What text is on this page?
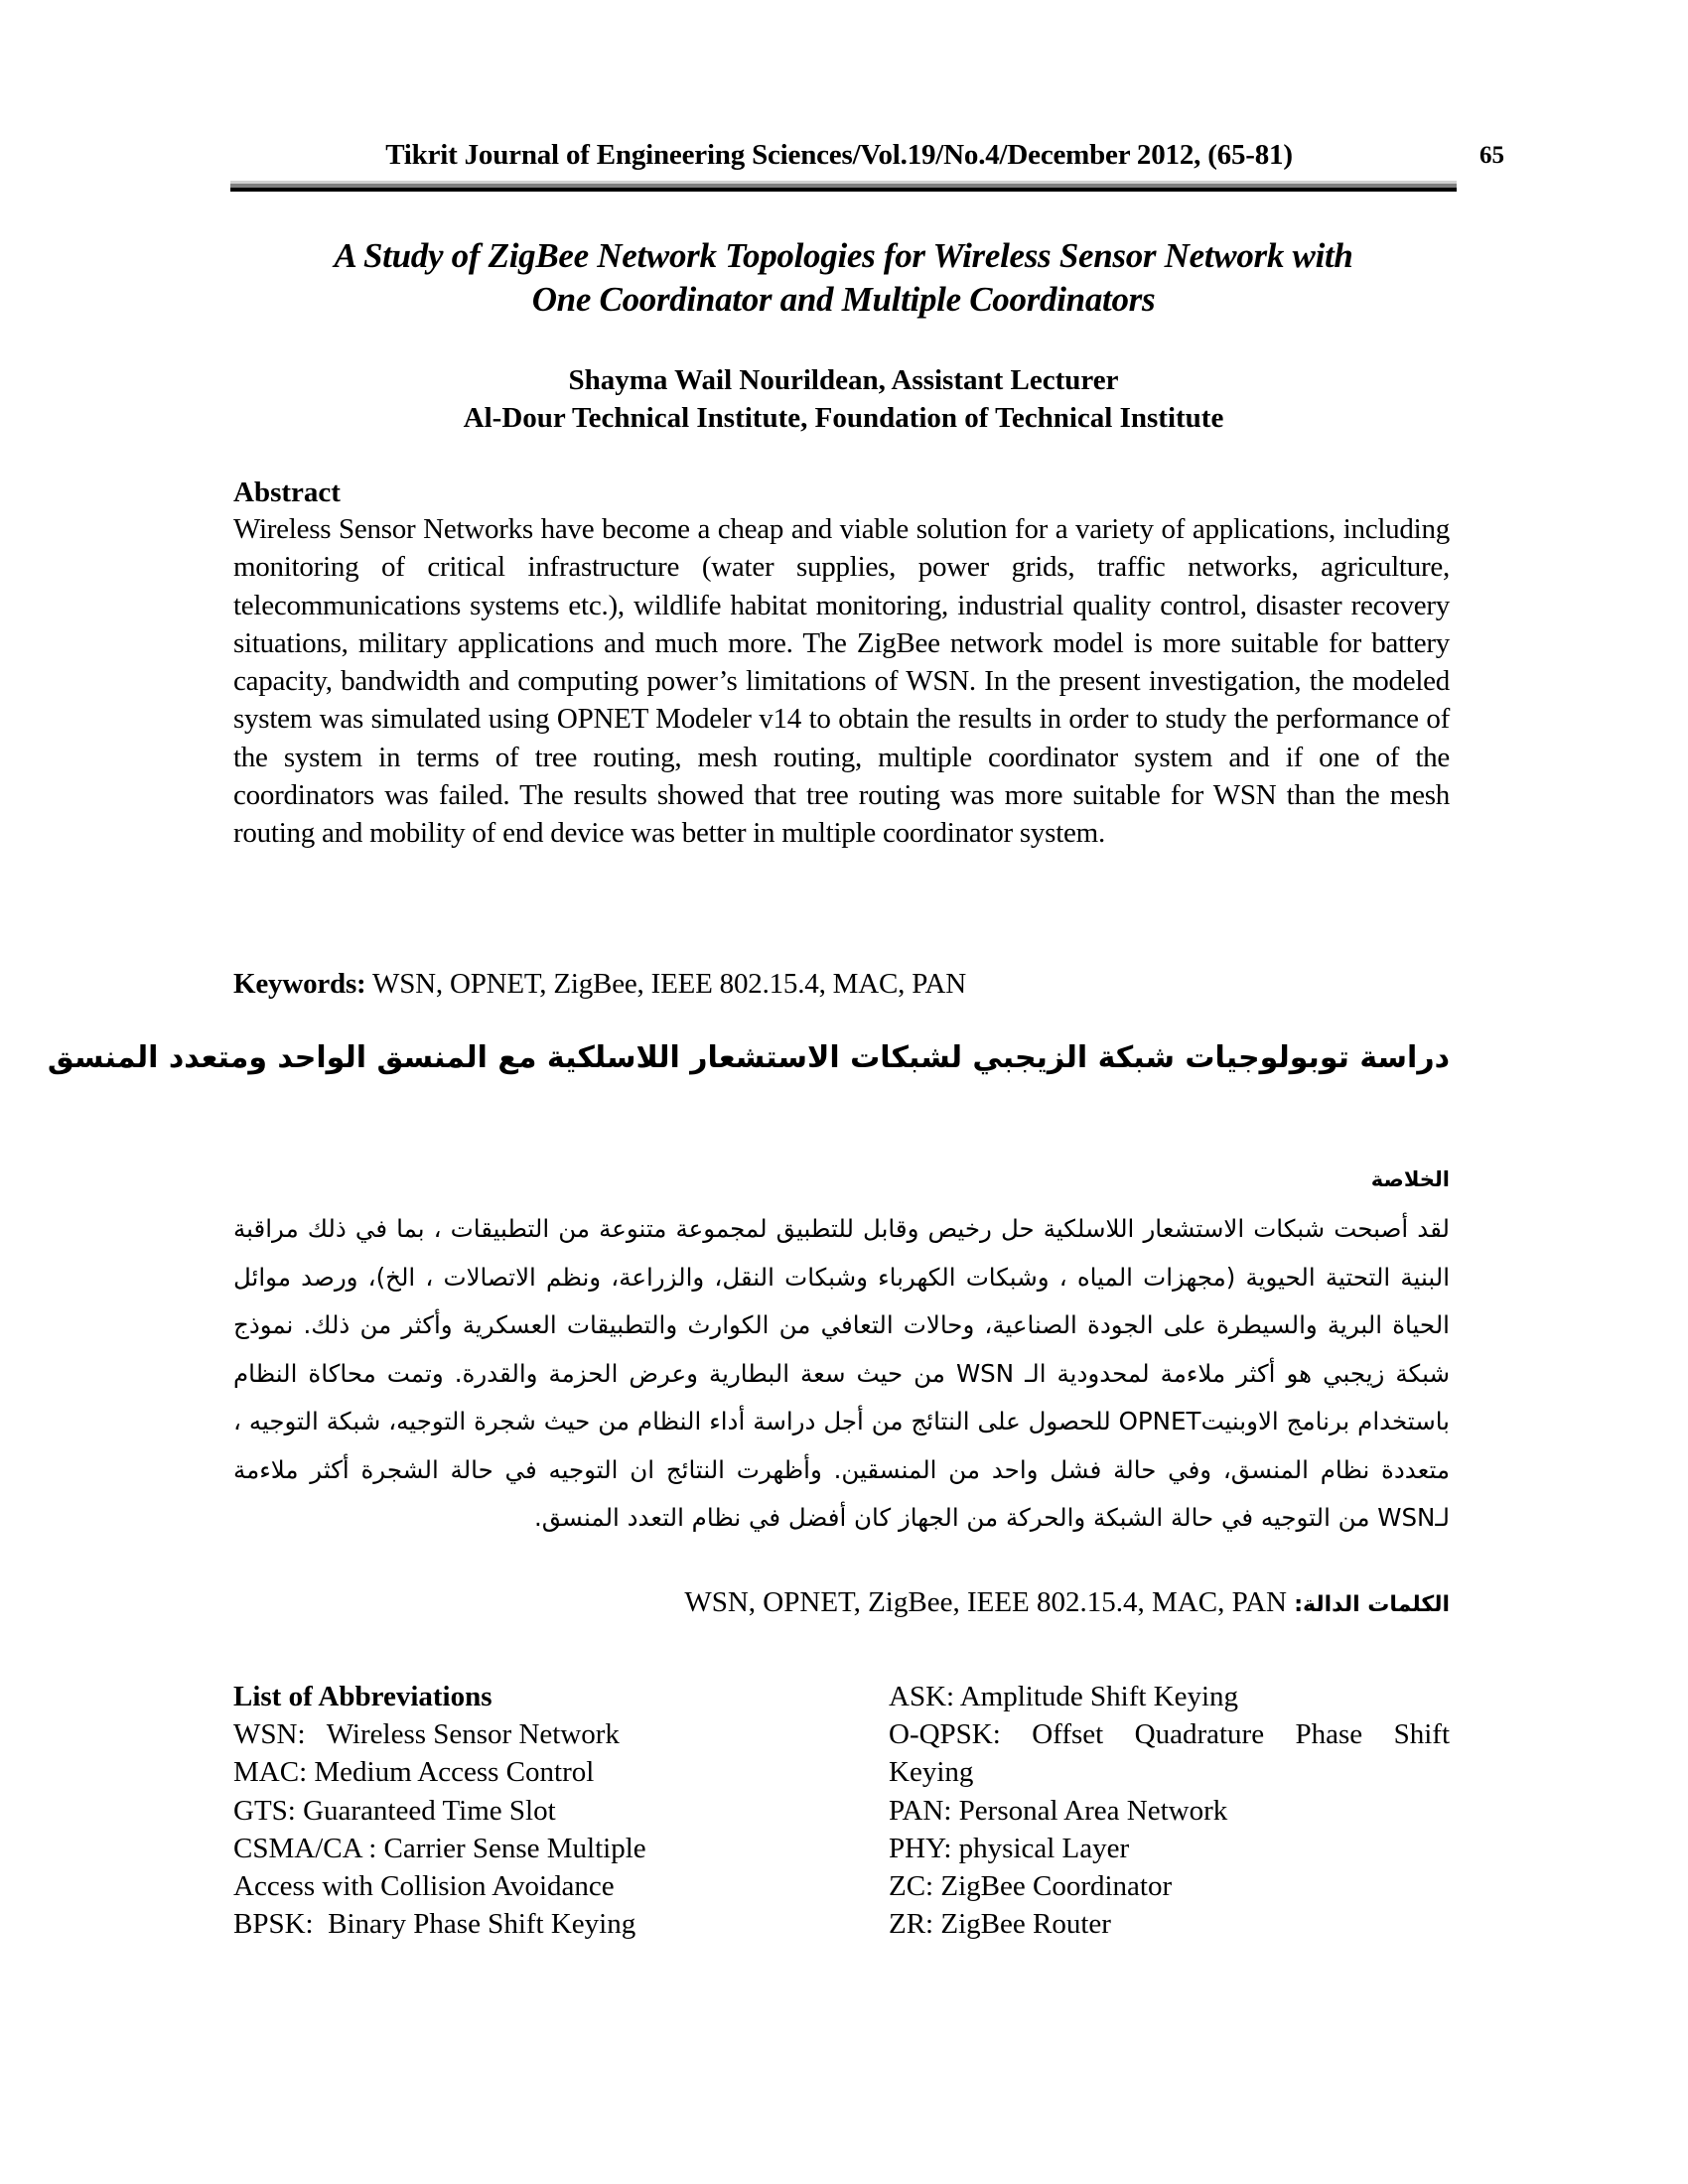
Tikrit Journal of Engineering Sciences/Vol.19/No.4/December 2012, (65-81)	65
A Study of ZigBee Network Topologies for Wireless Sensor Network with
One Coordinator and Multiple Coordinators
Shayma Wail Nourildean, Assistant Lecturer
Al-Dour Technical Institute, Foundation of Technical Institute
Abstract
Wireless Sensor Networks have become a cheap and viable solution for a variety of applications, including monitoring of critical infrastructure (water supplies, power grids, traffic networks, agriculture, telecommunications systems etc.), wildlife habitat monitoring, industrial quality control, disaster recovery situations, military applications and much more. The ZigBee network model is more suitable for battery capacity, bandwidth and computing power’s limitations of WSN. In the present investigation, the modeled system was simulated using OPNET Modeler v14 to obtain the results in order to study the performance of the system in terms of tree routing, mesh routing, multiple coordinator system and if one of the coordinators was failed. The results showed that tree routing was more suitable for WSN than the mesh routing and mobility of end device was better in multiple coordinator system.
Keywords: WSN, OPNET, ZigBee, IEEE 802.15.4, MAC, PAN
دراسة توبولوجيات شبكة الزيجبي لشبكات الاستشعار اللاسلكية مع المنسق الواحد ومتعدد المنسق
الخلاصة
لقد أصبحت شبكات الاستشعار اللاسلكية حل رخيص وقابل للتطبيق لمجموعة متنوعة من التطبيقات ، بما في ذلك مراقبة البنية التحتية الحيوية (مجهزات المياه ، وشبكات الكهرباء وشبكات النقل، والزراعة، ونظم الاتصالات ، الخ)، ورصد موائل الحياة البرية والسيطرة على الجودة الصناعية، وحالات التعافي من الكوارث والتطبيقات العسكرية وأكثر من ذلك. نموذج شبكة زيجبي هو أكثر ملاءمة لمحدودية الـ WSN من حيث سعة البطارية وعرض الحزمة والقدرة. وتمت محاكاة النظام باستخدام برنامج الاوبنيتOPNET للحصول على النتائج من أجل دراسة أداء النظام من حيث شجرة التوجيه، شبكة التوجيه ، متعددة نظام المنسق، وفي حالة فشل واحد من المنسقين. وأظهرت النتائج ان التوجيه في حالة الشجرة أكثر ملاءمة لـWSN من التوجيه في حالة الشبكة والحركة من الجهاز كان أفضل في نظام التعدد المنسق.
الكلمات الدالة: WSN, OPNET, ZigBee, IEEE 802.15.4, MAC, PAN
List of Abbreviations
WSN:   Wireless Sensor Network
MAC: Medium Access Control
GTS: Guaranteed Time Slot
CSMA/CA : Carrier Sense Multiple
Access with Collision Avoidance
BPSK:  Binary Phase Shift Keying
ASK: Amplitude Shift Keying
O-QPSK: Offset Quadrature Phase Shift
Keying
PAN: Personal Area Network
PHY: physical Layer
ZC: ZigBee Coordinator
ZR: ZigBee Router
